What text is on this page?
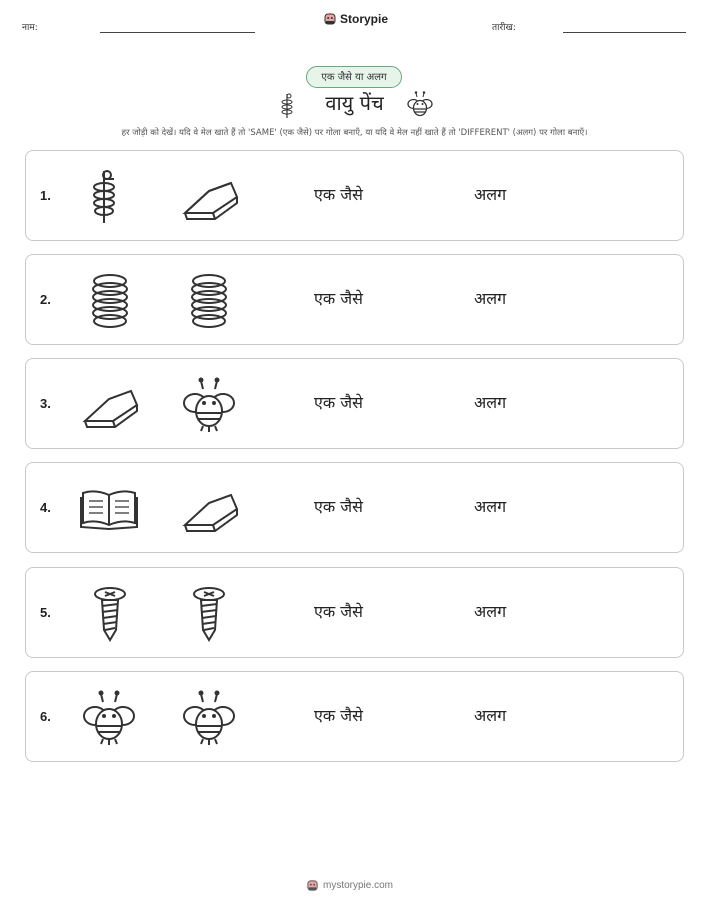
नाम:
Storypie
तारीख:
एक जैसे या अलग
वायु पेंच
हर जोड़ी को देखें। यदि वे मेल खाते हैं तो 'SAME' (एक जैसे) पर गोला बनाएँ, या यदि वे मेल नहीं खाते हैं तो 'DIFFERENT' (अलग) पर गोला बनाएँ।
1.	एक जैसे	अलग
2.	एक जैसे	अलग
3.	एक जैसे	अलग
4.	एक जैसे	अलग
5.	एक जैसे	अलग
6.	एक जैसे	अलग
mystorypie.com
